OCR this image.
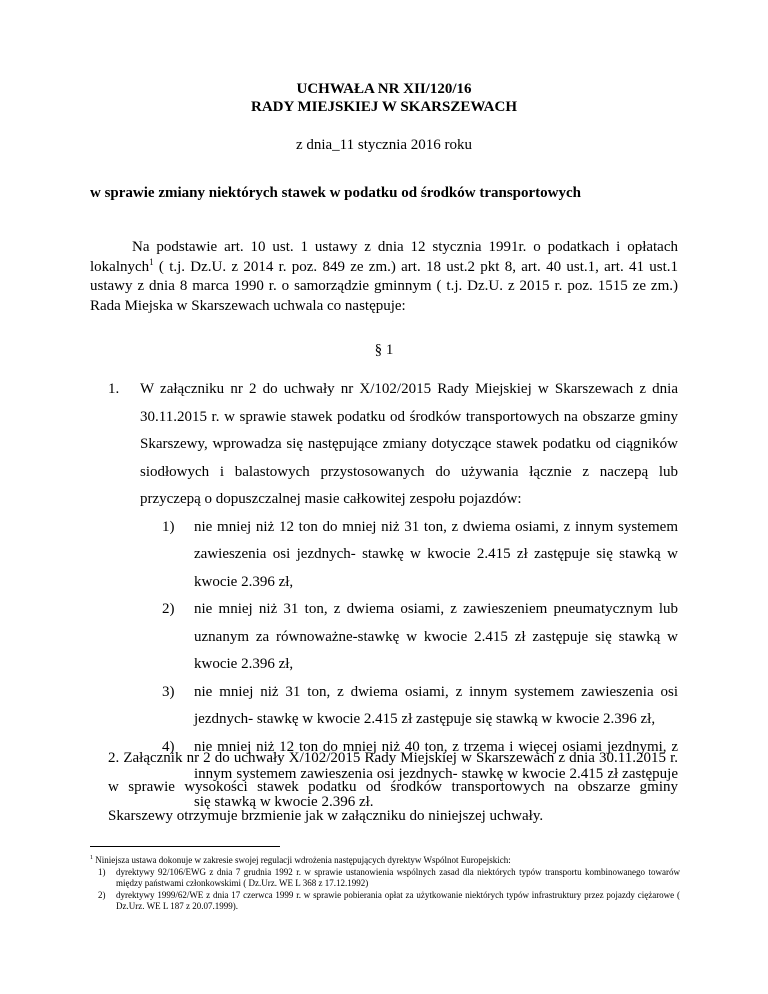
UCHWAŁA NR XII/120/16
RADY MIEJSKIEJ W SKARSZEWACH
z dnia_11 stycznia 2016 roku
w sprawie zmiany niektórych stawek w podatku od środków transportowych
Na podstawie art. 10 ust. 1 ustawy z dnia 12 stycznia 1991r. o podatkach i opłatach lokalnych$^1$ ( t.j. Dz.U. z 2014 r. poz. 849 ze zm.) art. 18 ust.2 pkt 8, art. 40 ust.1, art. 41 ust.1 ustawy z dnia 8 marca 1990 r. o samorządzie gminnym ( t.j. Dz.U. z 2015 r. poz. 1515 ze zm.) Rada Miejska w Skarszewach uchwala co następuje:
§ 1
1. W załączniku nr 2 do uchwały nr X/102/2015 Rady Miejskiej w Skarszewach z dnia 30.11.2015 r. w sprawie stawek podatku od środków transportowych na obszarze gminy Skarszewy, wprowadza się następujące zmiany dotyczące stawek podatku od ciągników siodłowych i balastowych przystosowanych do używania łącznie z naczepą lub przyczepą o dopuszczalnej masie całkowitej zespołu pojazdów:
1) nie mniej niż 12 ton do mniej niż 31 ton, z dwiema osiami, z innym systemem zawieszenia osi jezdnych- stawkę w kwocie 2.415 zł zastępuje się stawką w kwocie 2.396 zł,
2) nie mniej niż 31 ton, z dwiema osiami, z zawieszeniem pneumatycznym lub uznanym za równoważne-stawkę w kwocie 2.415 zł zastępuje się stawką w kwocie 2.396 zł,
3) nie mniej niż 31 ton, z dwiema osiami, z innym systemem zawieszenia osi jezdnych- stawkę w kwocie 2.415 zł zastępuje się stawką w kwocie 2.396 zł,
4) nie mniej niż 12 ton do mniej niż 40 ton, z trzema i więcej osiami jezdnymi, z innym systemem zawieszenia osi jezdnych- stawkę w kwocie 2.415 zł zastępuje się stawką w kwocie 2.396 zł.
2. Załącznik nr 2 do uchwały X/102/2015 Rady Miejskiej w Skarszewach z dnia 30.11.2015 r. w sprawie wysokości stawek podatku od środków transportowych na obszarze gminy Skarszewy otrzymuje brzmienie jak w załączniku do niniejszej uchwały.
$^1$ Niniejsza ustawa dokonuje w zakresie swojej regulacji wdrożenia następujących dyrektyw Wspólnot Europejskich:
1) dyrektywy 92/106/EWG z dnia 7 grudnia 1992 r. w sprawie ustanowienia wspólnych zasad dla niektórych typów transportu kombinowanego towarów między państwami członkowskimi ( Dz.Urz. WE L 368 z 17.12.1992)
2) dyrektywy 1999/62/WE z dnia 17 czerwca 1999 r. w sprawie pobierania opłat za użytkowanie niektórych typów infrastruktury przez pojazdy ciężarowe ( Dz.Urz. WE L 187 z 20.07.1999).
